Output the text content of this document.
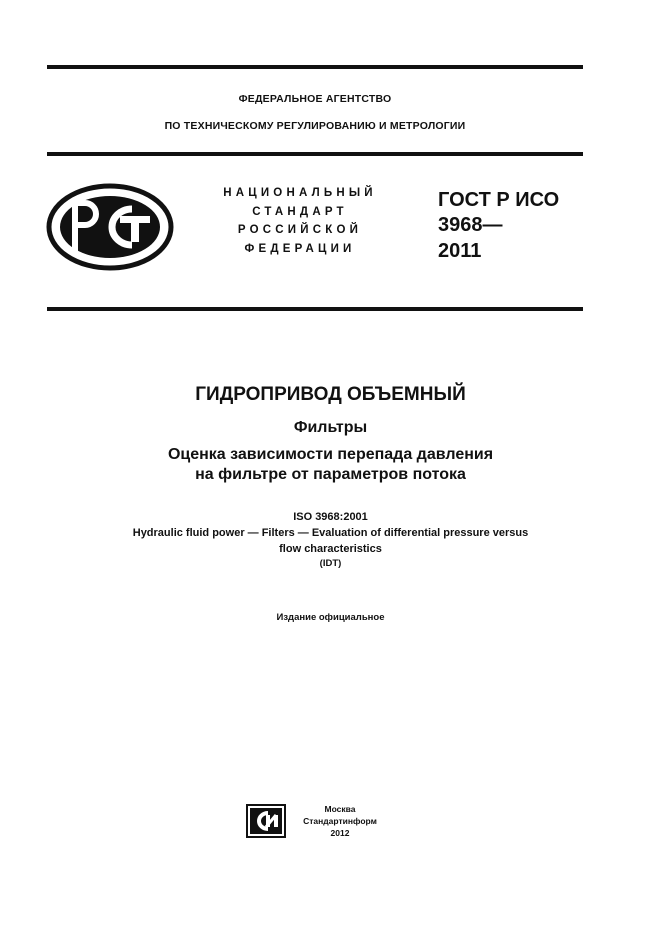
ФЕДЕРАЛЬНОЕ АГЕНТСТВО
ПО ТЕХНИЧЕСКОМУ РЕГУЛИРОВАНИЮ И МЕТРОЛОГИИ
НАЦИОНАЛЬНЫЙ
СТАНДАРТ
РОССИЙСКОЙ
ФЕДЕРАЦИИ
ГОСТ Р ИСО
3968—
2011
ГИДРОПРИВОД ОБЪЕМНЫЙ
Фильтры
Оценка зависимости перепада давления
на фильтре от параметров потока
ISO 3968:2001
Hydraulic fluid power — Filters — Evaluation of differential pressure versus
flow characteristics
(IDT)
Издание официальное
Москва
Стандартинформ
2012
